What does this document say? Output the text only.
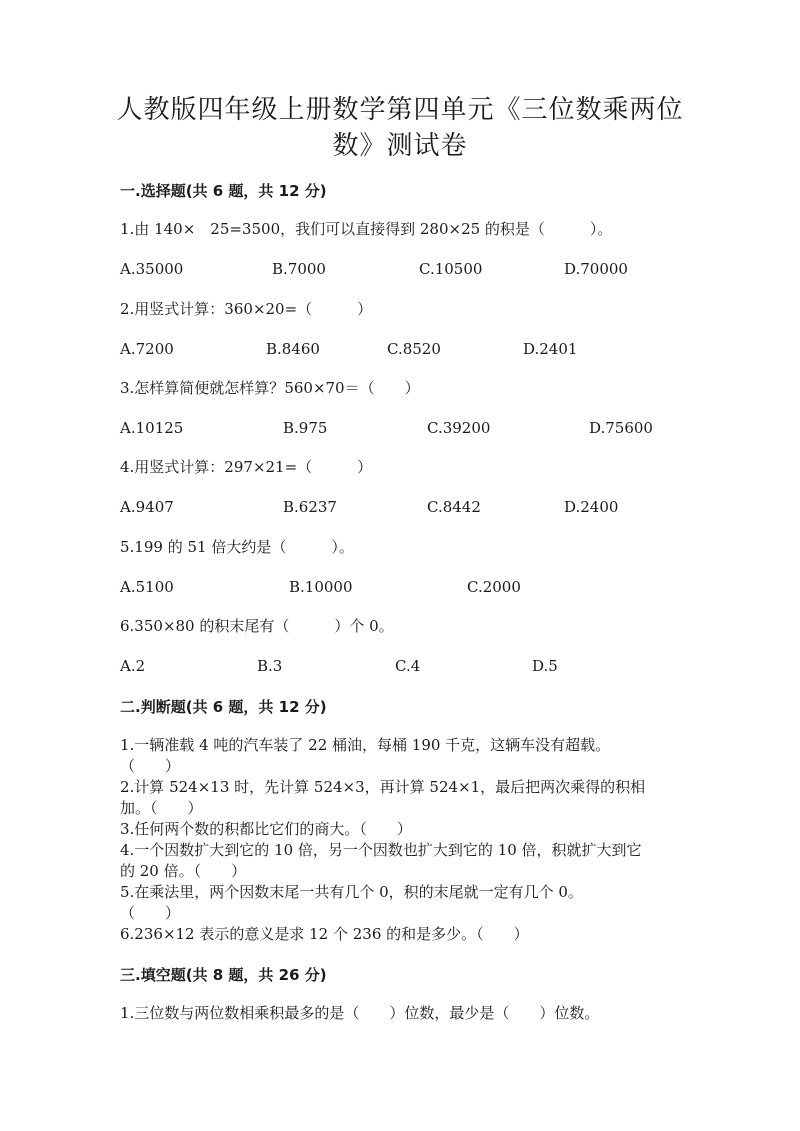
人教版四年级上册数学第四单元《三位数乘两位
数》测试卷
一.选择题(共 6 题，共 12 分)
1.由 140×　25=3500，我们可以直接得到 280×25 的积是（　　　）。
A.35000	B.7000	C.10500	D.70000
2.用竖式计算：360×20=（　　　）
A.7200	B.8460	C.8520	D.2401
3.怎样算简便就怎样算？560×70＝（　　）
A.10125	B.975	C.39200	D.75600
4.用竖式计算：297×21=（　　　）
A.9407	B.6237	C.8442	D.2400
5.199 的 51 倍大约是（　　　）。
A.5100	B.10000	C.2000
6.350×80 的积末尾有（　　　）个 0。
A.2	B.3	C.4	D.5
二.判断题(共 6 题，共 12 分)
1.一辆准载 4 吨的汽车装了 22 桶油，每桶 190 千克，这辆车没有超载。
（　　）
2.计算 524×13 时，先计算 524×3，再计算 524×1，最后把两次乘得的积相
加。（　　）
3.任何两个数的积都比它们的商大。（　　）
4.一个因数扩大到它的 10 倍，另一个因数也扩大到它的 10 倍，积就扩大到它
的 20 倍。（　　）
5.在乘法里，两个因数末尾一共有几个 0，积的末尾就一定有几个 0。
（　　）
6.236×12 表示的意义是求 12 个 236 的和是多少。（　　）
三.填空题(共 8 题，共 26 分)
1.三位数与两位数相乘积最多的是（　　）位数，最少是（　　）位数。
